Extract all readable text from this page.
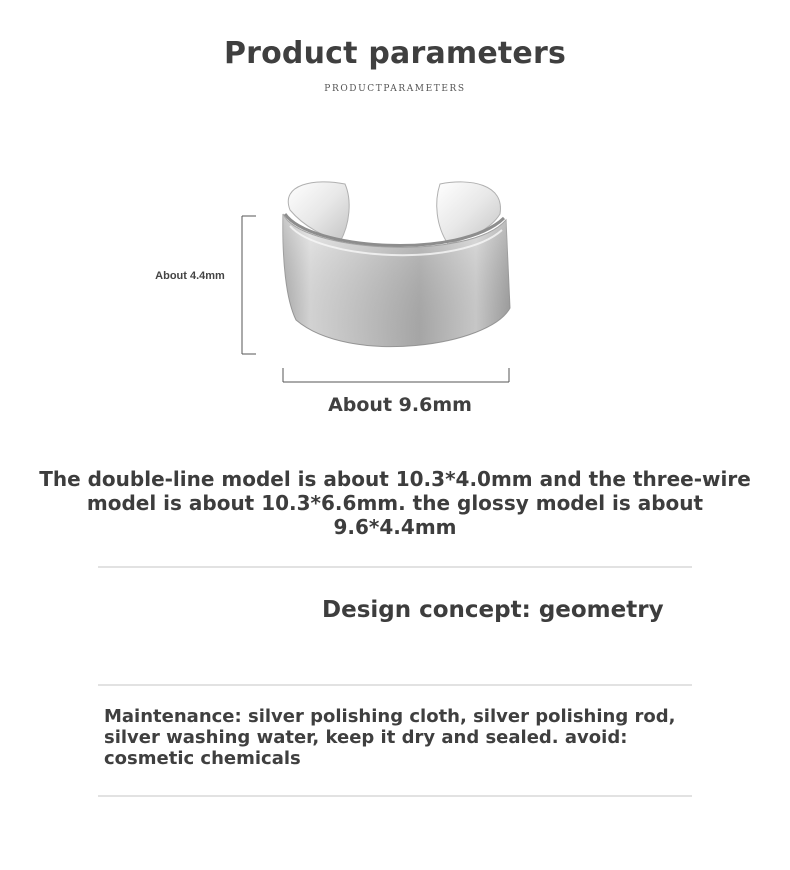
Product parameters
PRODUCTPARAMETERS
About 4.4mm
About 9.6mm
The double-line model is about 10.3*4.0mm and the three-wire model is about 10.3*6.6mm. the glossy model is about 9.6*4.4mm
Design concept: geometry
Maintenance: silver polishing cloth, silver polishing rod, silver washing water, keep it dry and sealed. avoid: cosmetic chemicals
